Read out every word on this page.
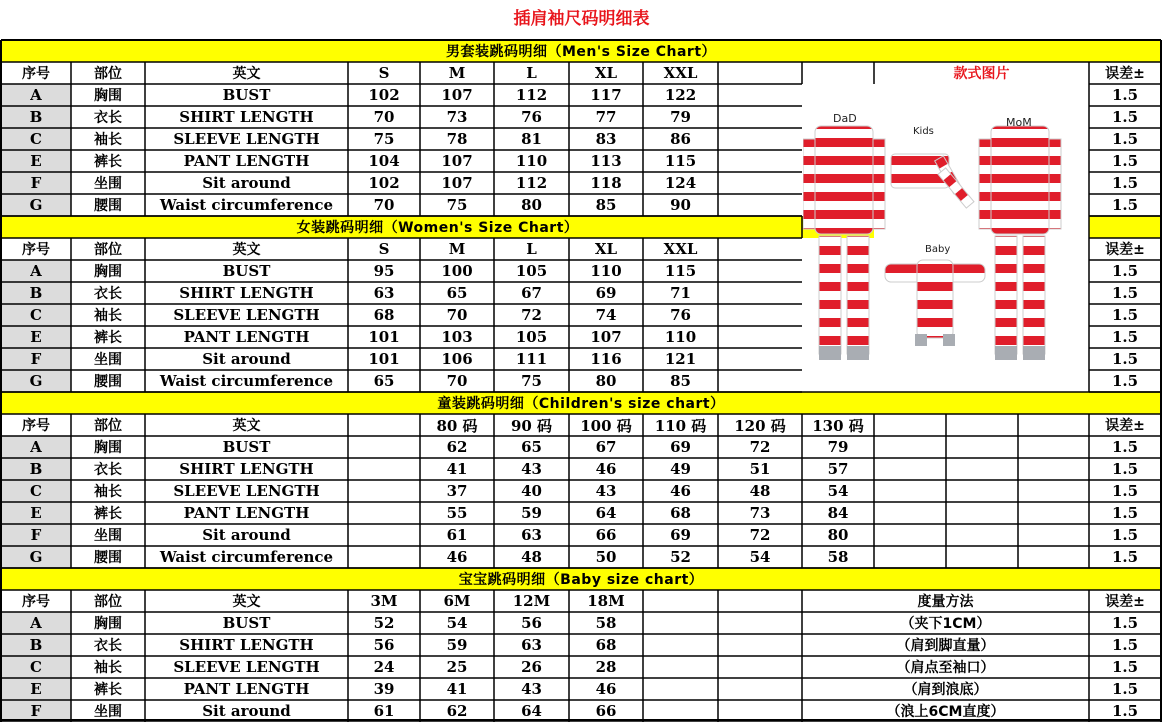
插肩袖尺码明细表
男套装跳码明细（Men's Size Chart）
序号	部位	英文	S	M	L	XL	XXL	款式图片	误差±
A	胸围	BUST	102	107	112	117	122	1.5
B	衣长	SHIRT LENGTH	70	73	76	77	79	1.5
C	袖长	SLEEVE LENGTH	75	78	81	83	86	1.5
E	裤长	PANT LENGTH	104	107	110	113	115	1.5
F	坐围	Sit around	102	107	112	118	124	1.5
G	腰围	Waist circumference	70	75	80	85	90	1.5
女装跳码明细（Women's Size Chart）
序号	部位	英文	S	M	L	XL	XXL	误差±
A	胸围	BUST	95	100	105	110	115	1.5
B	衣长	SHIRT LENGTH	63	65	67	69	71	1.5
C	袖长	SLEEVE LENGTH	68	70	72	74	76	1.5
E	裤长	PANT LENGTH	101	103	105	107	110	1.5
F	坐围	Sit around	101	106	111	116	121	1.5
G	腰围	Waist circumference	65	70	75	80	85	1.5
童装跳码明细（Children's size chart）
序号	部位	英文	80 码	90 码	100 码	110 码	120 码	130 码	误差±
A	胸围	BUST	62	65	67	69	72	79	1.5
B	衣长	SHIRT LENGTH	41	43	46	49	51	57	1.5
C	袖长	SLEEVE LENGTH	37	40	43	46	48	54	1.5
E	裤长	PANT LENGTH	55	59	64	68	73	84	1.5
F	坐围	Sit around	61	63	66	69	72	80	1.5
G	腰围	Waist circumference	46	48	50	52	54	58	1.5
宝宝跳码明细（Baby size chart）
序号	部位	英文	3M	6M	12M	18M	度量方法	误差±
A	胸围	BUST	52	54	56	58	（夹下1CM）	1.5
B	衣长	SHIRT LENGTH	56	59	63	68	（肩到脚直量）	1.5
C	袖长	SLEEVE LENGTH	24	25	26	28	（肩点至袖口）	1.5
E	裤长	PANT LENGTH	39	41	43	46	（肩到浪底）	1.5
F	坐围	Sit around	61	62	64	66	（浪上6CM直度）	1.5
DaD
Kids
MoM
Baby
